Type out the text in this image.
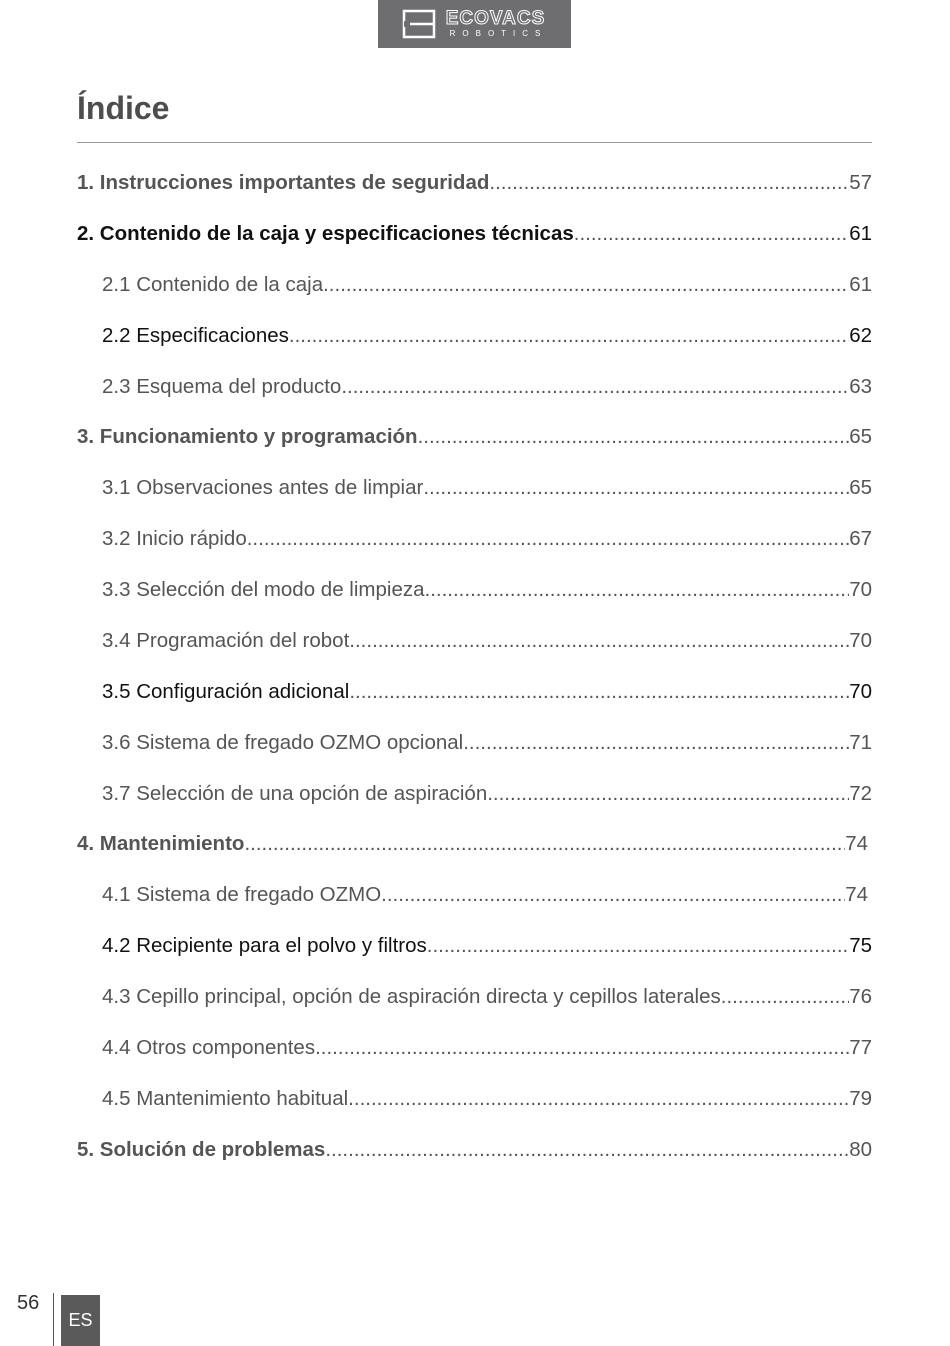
ECOVACS
ROBOTICS
Índice
1. Instrucciones importantes de seguridad .....	57
2. Contenido de la caja y especificaciones técnicas .....	61
2.1 Contenido de la caja .....	61
2.2 Especificaciones .....	62
2.3 Esquema del producto .....	63
3. Funcionamiento y programación .....	65
3.1 Observaciones antes de limpiar .....	65
3.2 Inicio rápido .....	67
3.3 Selección del modo de limpieza .....	70
3.4 Programación del robot .....	70
3.5 Configuración adicional .....	70
3.6 Sistema de fregado OZMO opcional .....	71
3.7 Selección de una opción de aspiración .....	72
4. Mantenimiento .....	74
4.1 Sistema de fregado OZMO .....	74
4.2 Recipiente para el polvo y filtros .....	75
4.3 Cepillo principal, opción de aspiración directa y cepillos laterales .....	76
4.4 Otros componentes .....	77
4.5 Mantenimiento habitual .....	79
5. Solución de problemas .....	80
56
ES
